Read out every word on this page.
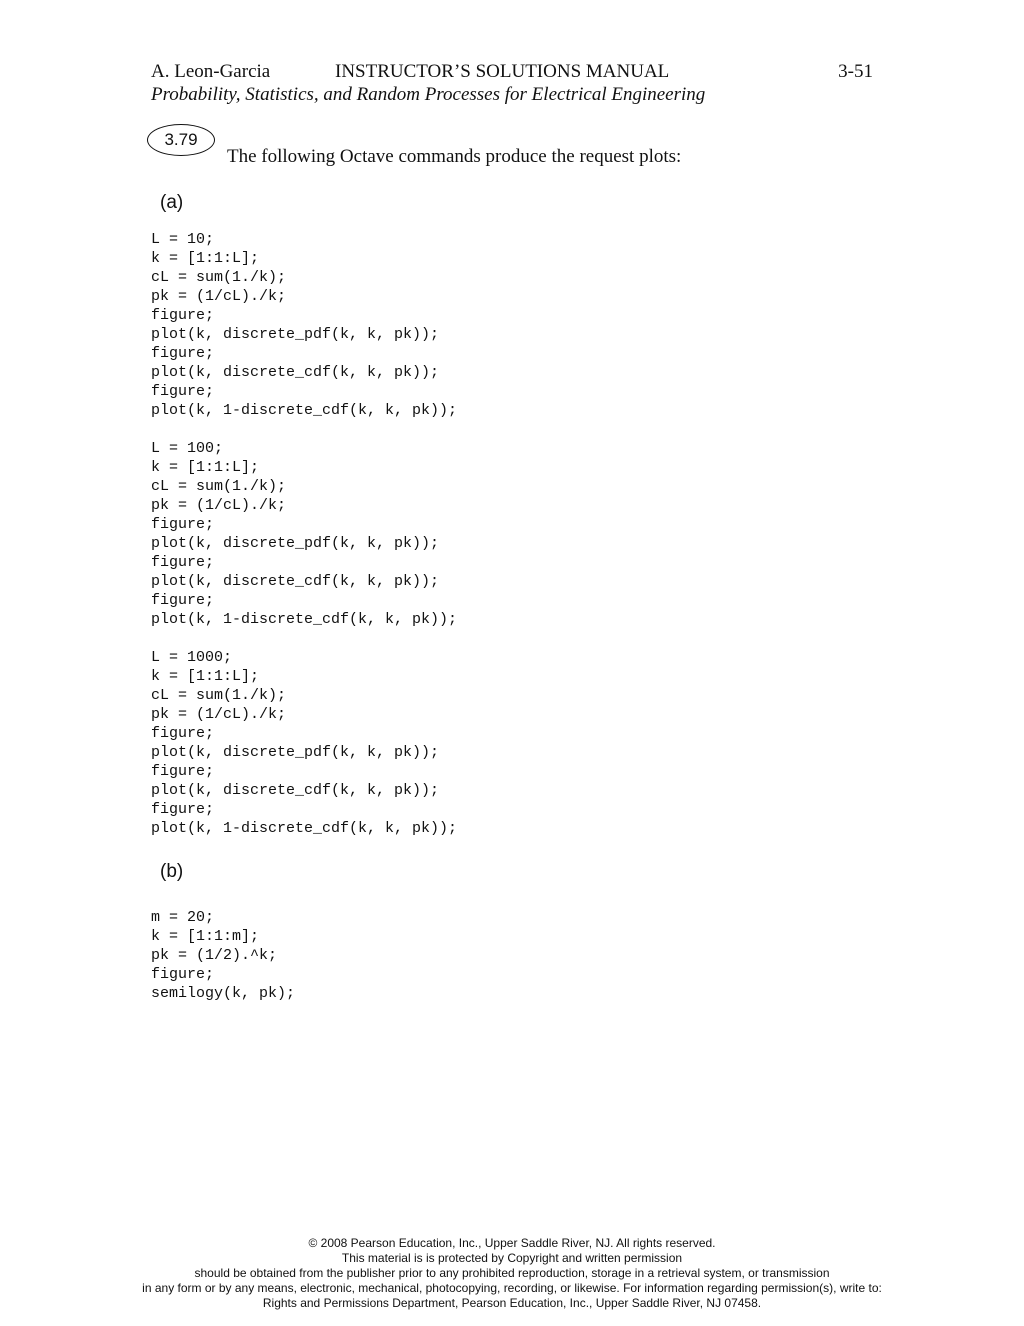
A. Leon-Garcia	INSTRUCTOR’S SOLUTIONS MANUAL	3-51
Probability, Statistics, and Random Processes for Electrical Engineering
3.79
The following Octave commands produce the request plots:
(a)
L = 10;
k = [1:1:L];
cL = sum(1./k);
pk = (1/cL)./k;
figure;
plot(k, discrete_pdf(k, k, pk));
figure;
plot(k, discrete_cdf(k, k, pk));
figure;
plot(k, 1-discrete_cdf(k, k, pk));
L = 100;
k = [1:1:L];
cL = sum(1./k);
pk = (1/cL)./k;
figure;
plot(k, discrete_pdf(k, k, pk));
figure;
plot(k, discrete_cdf(k, k, pk));
figure;
plot(k, 1-discrete_cdf(k, k, pk));
L = 1000;
k = [1:1:L];
cL = sum(1./k);
pk = (1/cL)./k;
figure;
plot(k, discrete_pdf(k, k, pk));
figure;
plot(k, discrete_cdf(k, k, pk));
figure;
plot(k, 1-discrete_cdf(k, k, pk));
(b)
m = 20;
k = [1:1:m];
pk = (1/2).^k;
figure;
semilogy(k, pk);
© 2008 Pearson Education, Inc., Upper Saddle River, NJ. All rights reserved.
This material is is protected by Copyright and written permission
should be obtained from the publisher prior to any prohibited reproduction, storage in a retrieval system, or transmission
in any form or by any means, electronic, mechanical, photocopying, recording, or likewise. For information regarding permission(s), write to:
Rights and Permissions Department, Pearson Education, Inc., Upper Saddle River, NJ 07458.
